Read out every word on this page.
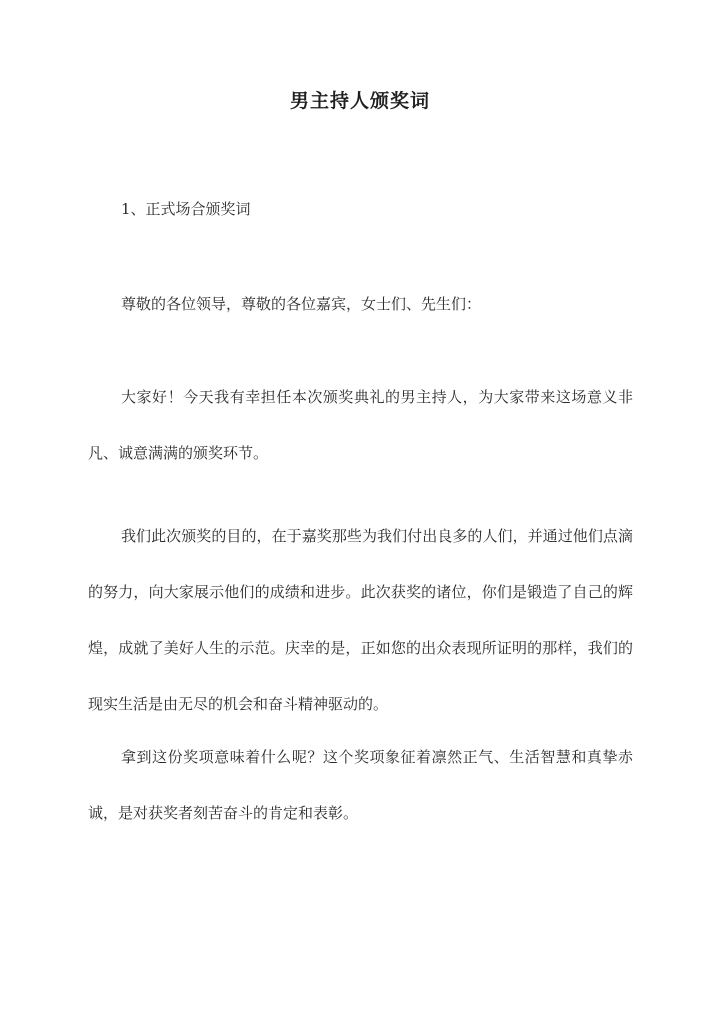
男主持人颁奖词
1、正式场合颁奖词
尊敬的各位领导，尊敬的各位嘉宾，女士们、先生们：
大家好！今天我有幸担任本次颁奖典礼的男主持人，为大家带来这场意义非凡、诚意满满的颁奖环节。
我们此次颁奖的目的，在于嘉奖那些为我们付出良多的人们，并通过他们点滴的努力，向大家展示他们的成绩和进步。此次获奖的诸位，你们是锻造了自己的辉煌，成就了美好人生的示范。庆幸的是，正如您的出众表现所证明的那样，我们的现实生活是由无尽的机会和奋斗精神驱动的。
拿到这份奖项意味着什么呢？这个奖项象征着凛然正气、生活智慧和真挚赤诚，是对获奖者刻苦奋斗的肯定和表彰。
